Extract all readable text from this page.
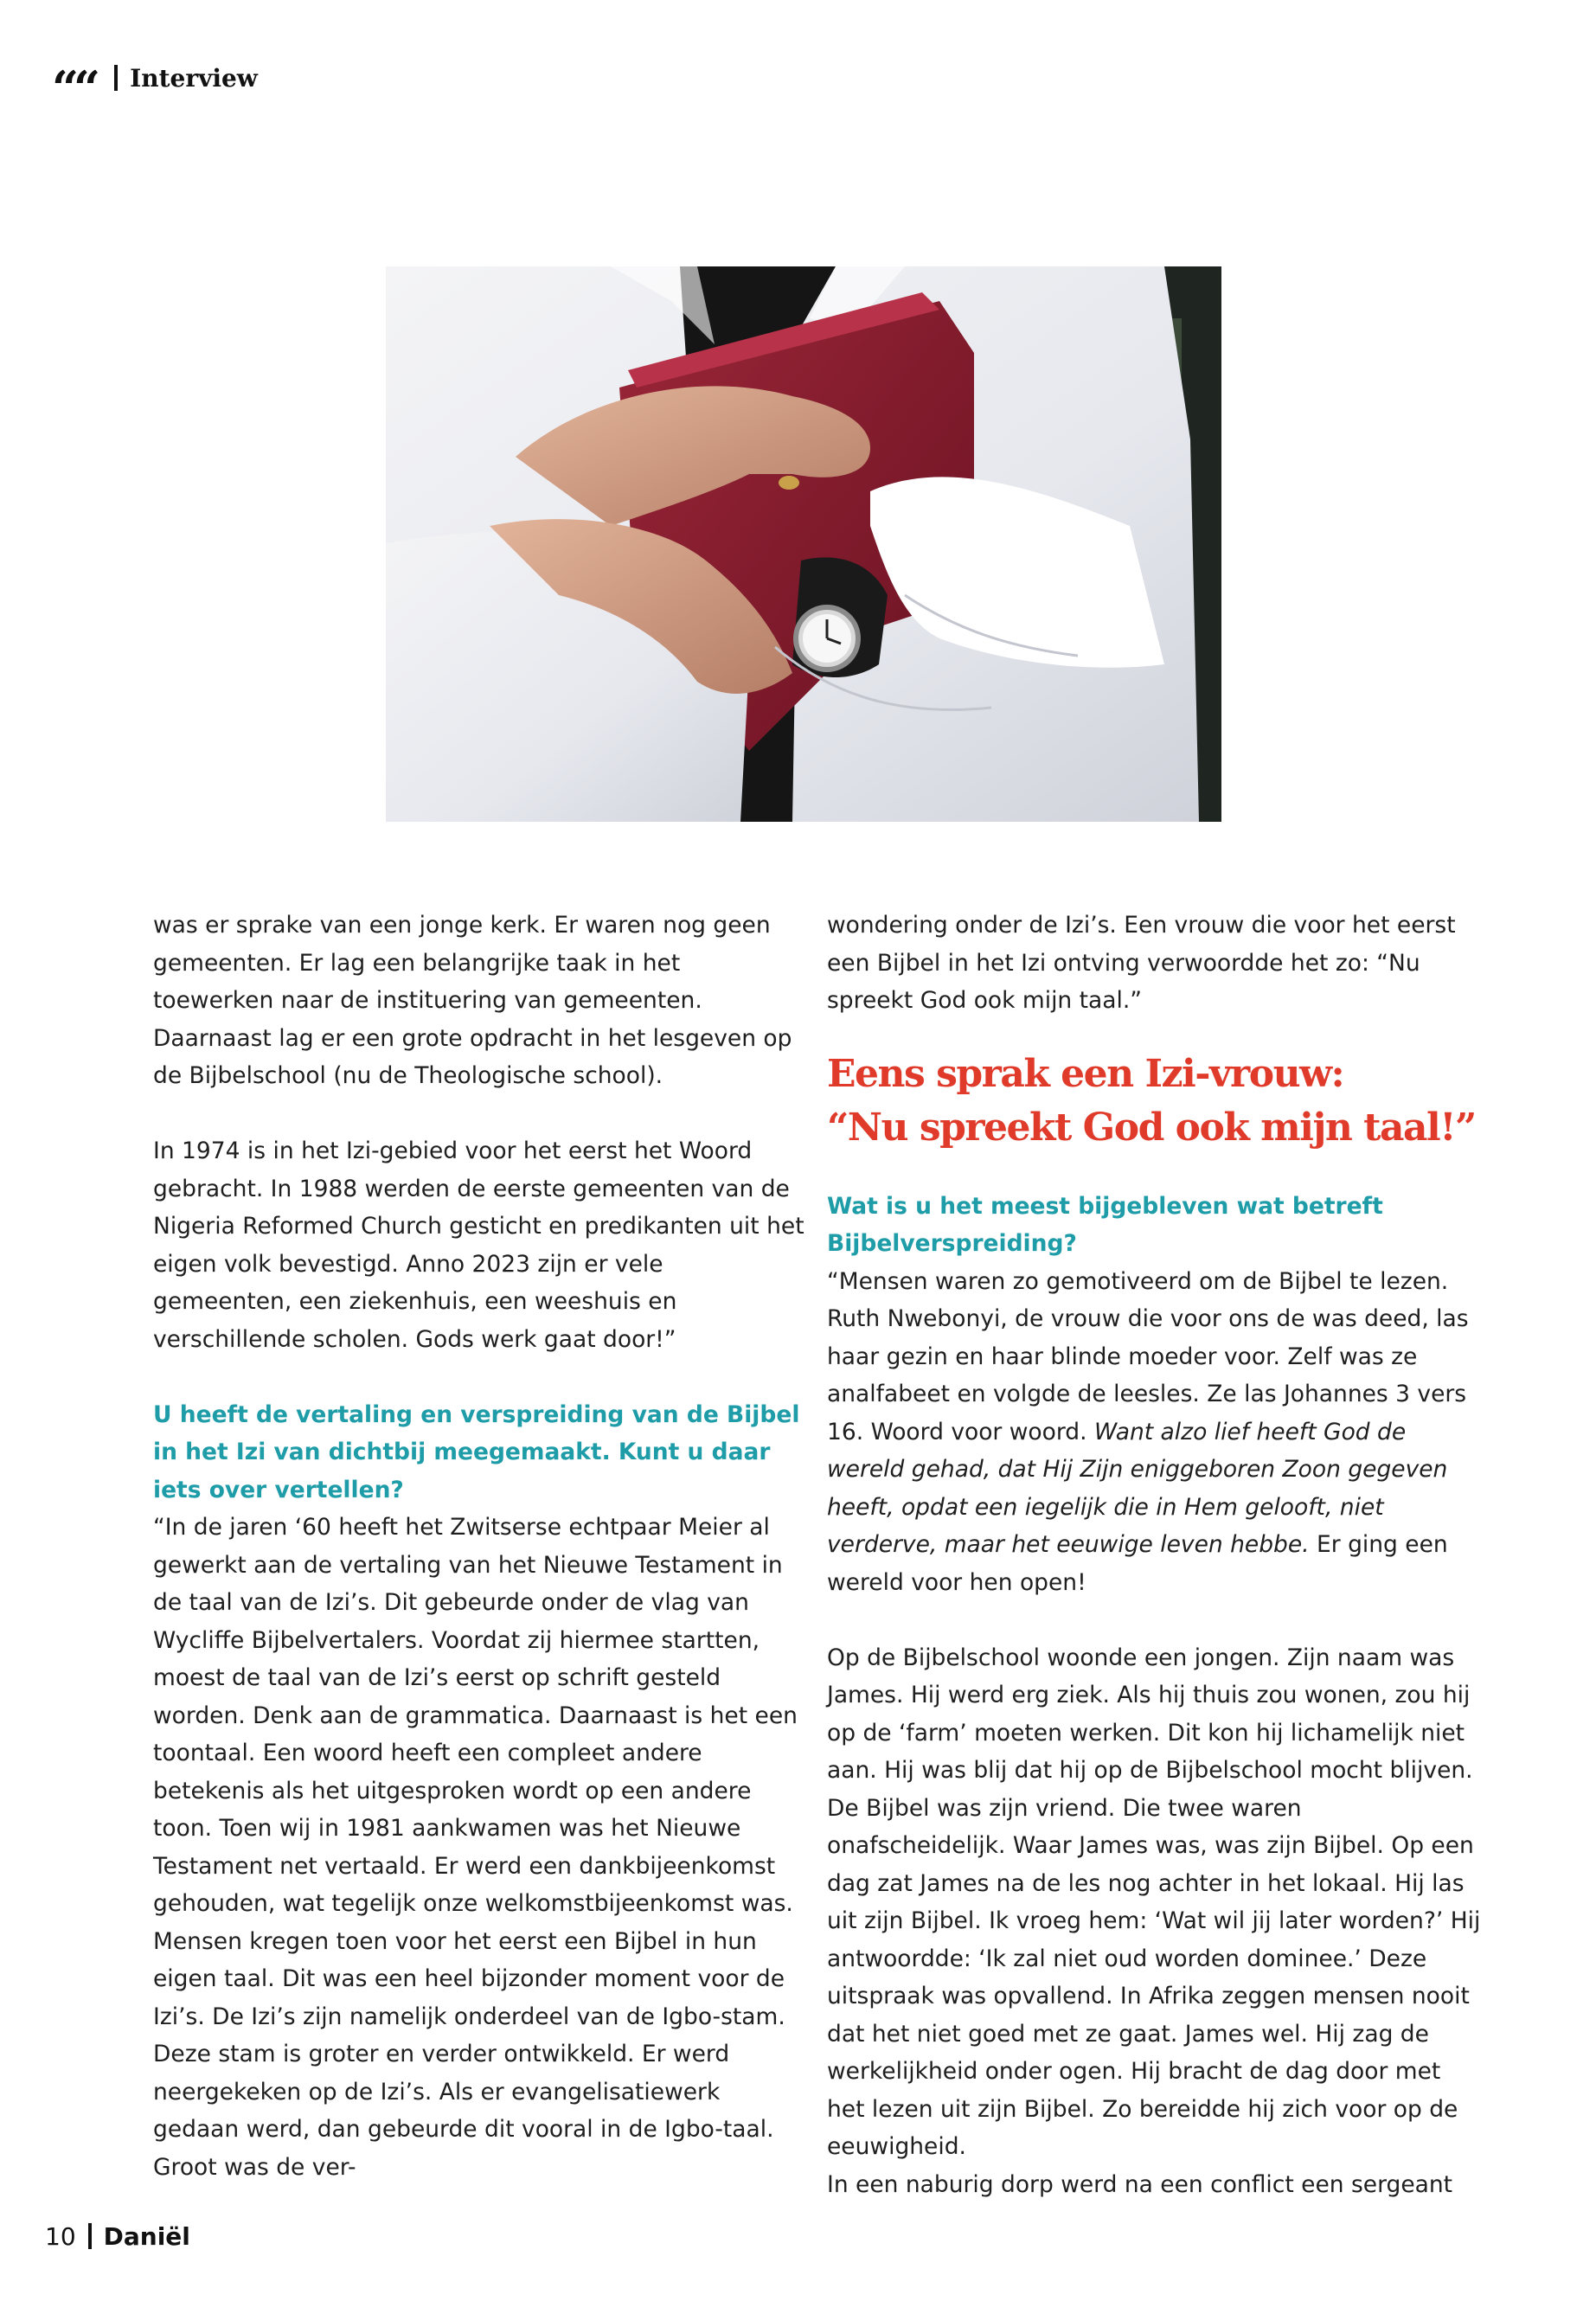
““ Interview

was er sprake van een jonge kerk. Er waren nog geen gemeenten. Er lag een belangrijke taak in het toewerken naar de instituering van gemeenten. Daarnaast lag er een grote opdracht in het lesgeven op de Bijbelschool (nu de Theologische school).

In 1974 is in het Izi-gebied voor het eerst het Woord gebracht. In 1988 werden de eerste gemeenten van de Nigeria Reformed Church gesticht en predikanten uit het eigen volk bevestigd. Anno 2023 zijn er vele gemeenten, een ziekenhuis, een weeshuis en verschillende scholen. Gods werk gaat door!”

U heeft de vertaling en verspreiding van de Bijbel in het Izi van dichtbij meegemaakt. Kunt u daar iets over vertellen?

“In de jaren ‘60 heeft het Zwitserse echtpaar Meier al gewerkt aan de vertaling van het Nieuwe Testament in de taal van de Izi’s. Dit gebeurde onder de vlag van Wycliffe Bijbelvertalers. Voordat zij hiermee startten, moest de taal van de Izi’s eerst op schrift gesteld worden. Denk aan de grammatica. Daarnaast is het een toontaal. Een woord heeft een compleet andere betekenis als het uitgesproken wordt op een andere toon. Toen wij in 1981 aankwamen was het Nieuwe Testament net vertaald. Er werd een dankbijeenkomst gehouden, wat tegelijk onze welkomstbijeenkomst was. Mensen kregen toen voor het eerst een Bijbel in hun eigen taal. Dit was een heel bijzonder moment voor de Izi’s. De Izi’s zijn namelijk onderdeel van de Igbo-stam. Deze stam is groter en verder ontwikkeld. Er werd neergekeken op de Izi’s. Als er evangelisatiewerk gedaan werd, dan gebeurde dit vooral in de Igbo-taal. Groot was de ver-

wondering onder de Izi’s. Een vrouw die voor het eerst een Bijbel in het Izi ontving verwoordde het zo: “Nu spreekt God ook mijn taal.”

Eens sprak een Izi-vrouw:
“Nu spreekt God ook mijn taal!”

Wat is u het meest bijgebleven wat betreft Bijbelverspreiding?

“Mensen waren zo gemotiveerd om de Bijbel te lezen. Ruth Nwebonyi, de vrouw die voor ons de was deed, las haar gezin en haar blinde moeder voor. Zelf was ze analfabeet en volgde de leesles. Ze las Johannes 3 vers 16. Woord voor woord. Want alzo lief heeft God de wereld gehad, dat Hij Zijn eniggeboren Zoon gegeven heeft, opdat een iegelijk die in Hem gelooft, niet verderve, maar het eeuwige leven hebbe. Er ging een wereld voor hen open!

Op de Bijbelschool woonde een jongen. Zijn naam was James. Hij werd erg ziek. Als hij thuis zou wonen, zou hij op de ‘farm’ moeten werken. Dit kon hij lichamelijk niet aan. Hij was blij dat hij op de Bijbelschool mocht blijven. De Bijbel was zijn vriend. Die twee waren onafscheidelijk. Waar James was, was zijn Bijbel. Op een dag zat James na de les nog achter in het lokaal. Hij las uit zijn Bijbel. Ik vroeg hem: ‘Wat wil jij later worden?’ Hij antwoordde: ‘Ik zal niet oud worden dominee.’ Deze uitspraak was opvallend. In Afrika zeggen mensen nooit dat het niet goed met ze gaat. James wel. Hij zag de werkelijkheid onder ogen. Hij bracht de dag door met het lezen uit zijn Bijbel. Zo bereidde hij zich voor op de eeuwigheid.

In een naburig dorp werd na een conflict een sergeant

10 Daniël
